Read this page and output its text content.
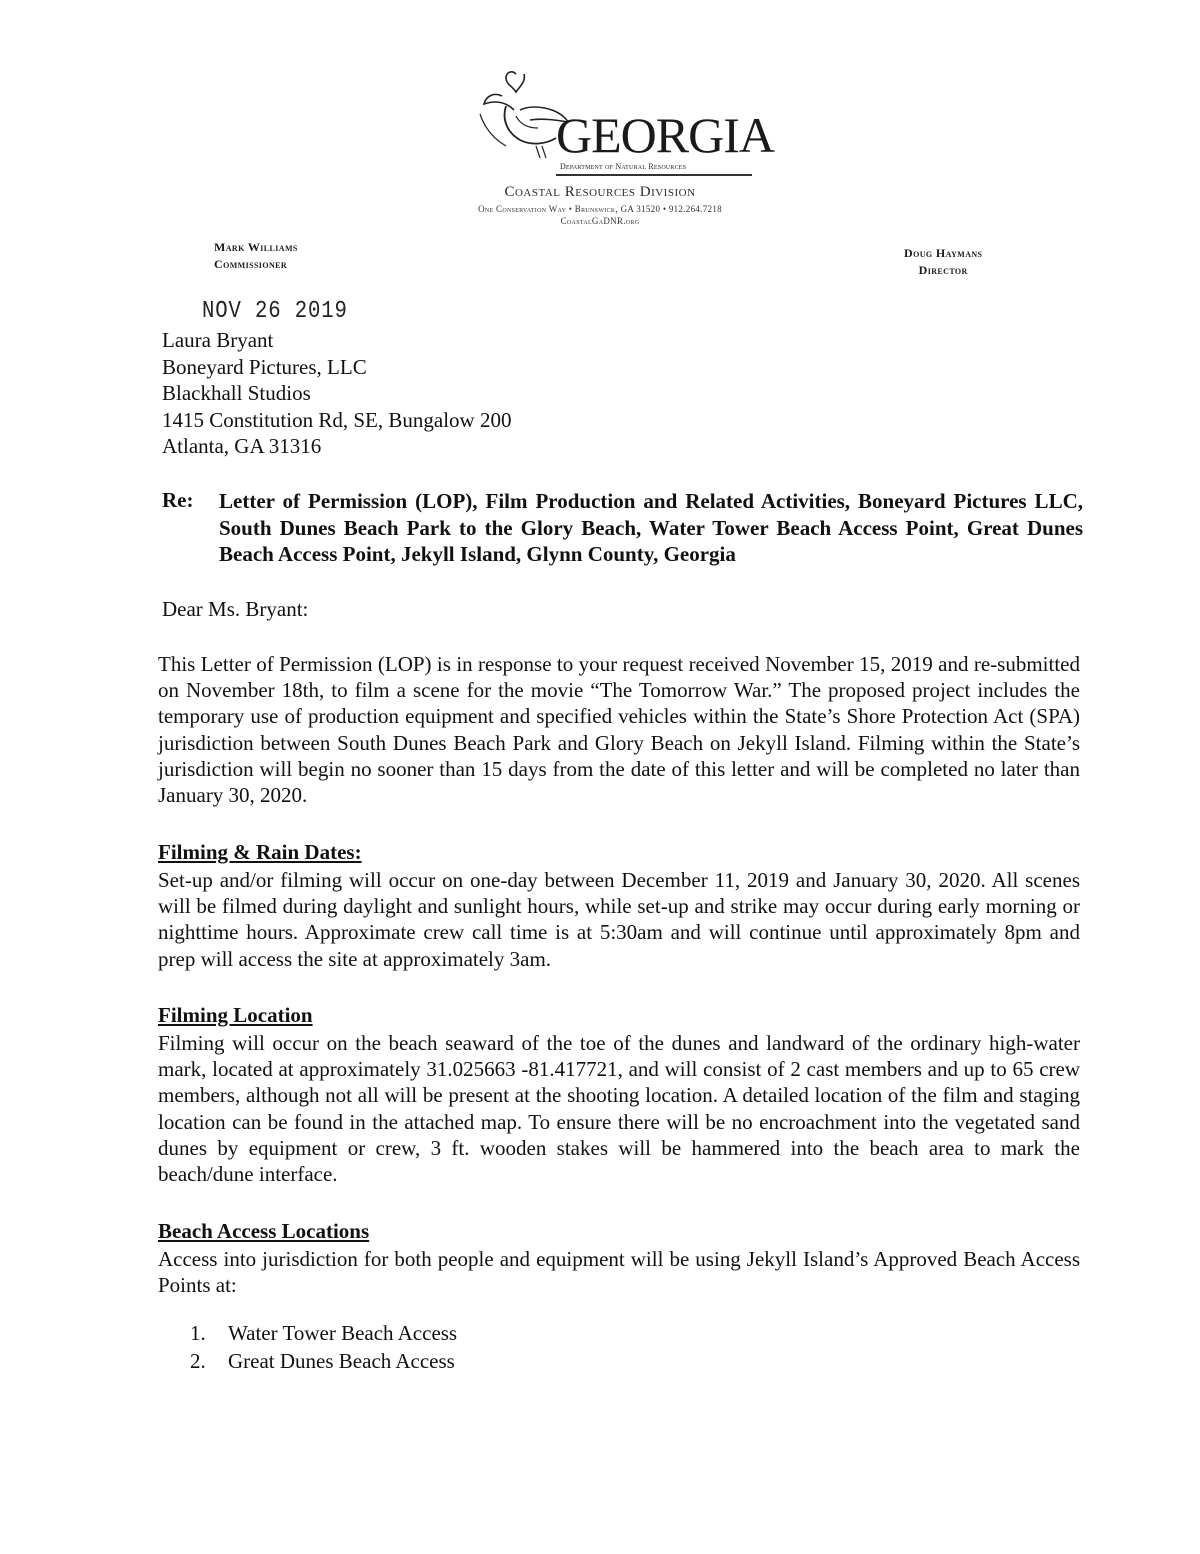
GEORGIA
Department of Natural Resources
Coastal Resources Division
One Conservation Way • Brunswick, GA 31520 • 912.264.7218
CoastalGaDNR.org
Mark Williams
Commissioner
Doug Haymans
Director
NOV 26 2019
Laura Bryant
Boneyard Pictures, LLC
Blackhall Studios
1415 Constitution Rd, SE, Bungalow 200
Atlanta, GA 31316
Re: Letter of Permission (LOP), Film Production and Related Activities, Boneyard Pictures LLC, South Dunes Beach Park to the Glory Beach, Water Tower Beach Access Point, Great Dunes Beach Access Point, Jekyll Island, Glynn County, Georgia
Dear Ms. Bryant:
This Letter of Permission (LOP) is in response to your request received November 15, 2019 and re-submitted on November 18th, to film a scene for the movie “The Tomorrow War.” The proposed project includes the temporary use of production equipment and specified vehicles within the State’s Shore Protection Act (SPA) jurisdiction between South Dunes Beach Park and Glory Beach on Jekyll Island. Filming within the State’s jurisdiction will begin no sooner than 15 days from the date of this letter and will be completed no later than January 30, 2020.
Filming & Rain Dates:
Set-up and/or filming will occur on one-day between December 11, 2019 and January 30, 2020. All scenes will be filmed during daylight and sunlight hours, while set-up and strike may occur during early morning or nighttime hours. Approximate crew call time is at 5:30am and will continue until approximately 8pm and prep will access the site at approximately 3am.
Filming Location
Filming will occur on the beach seaward of the toe of the dunes and landward of the ordinary high-water mark, located at approximately 31.025663 -81.417721, and will consist of 2 cast members and up to 65 crew members, although not all will be present at the shooting location. A detailed location of the film and staging location can be found in the attached map. To ensure there will be no encroachment into the vegetated sand dunes by equipment or crew, 3 ft. wooden stakes will be hammered into the beach area to mark the beach/dune interface.
Beach Access Locations
Access into jurisdiction for both people and equipment will be using Jekyll Island’s Approved Beach Access Points at:
1. Water Tower Beach Access
2. Great Dunes Beach Access
